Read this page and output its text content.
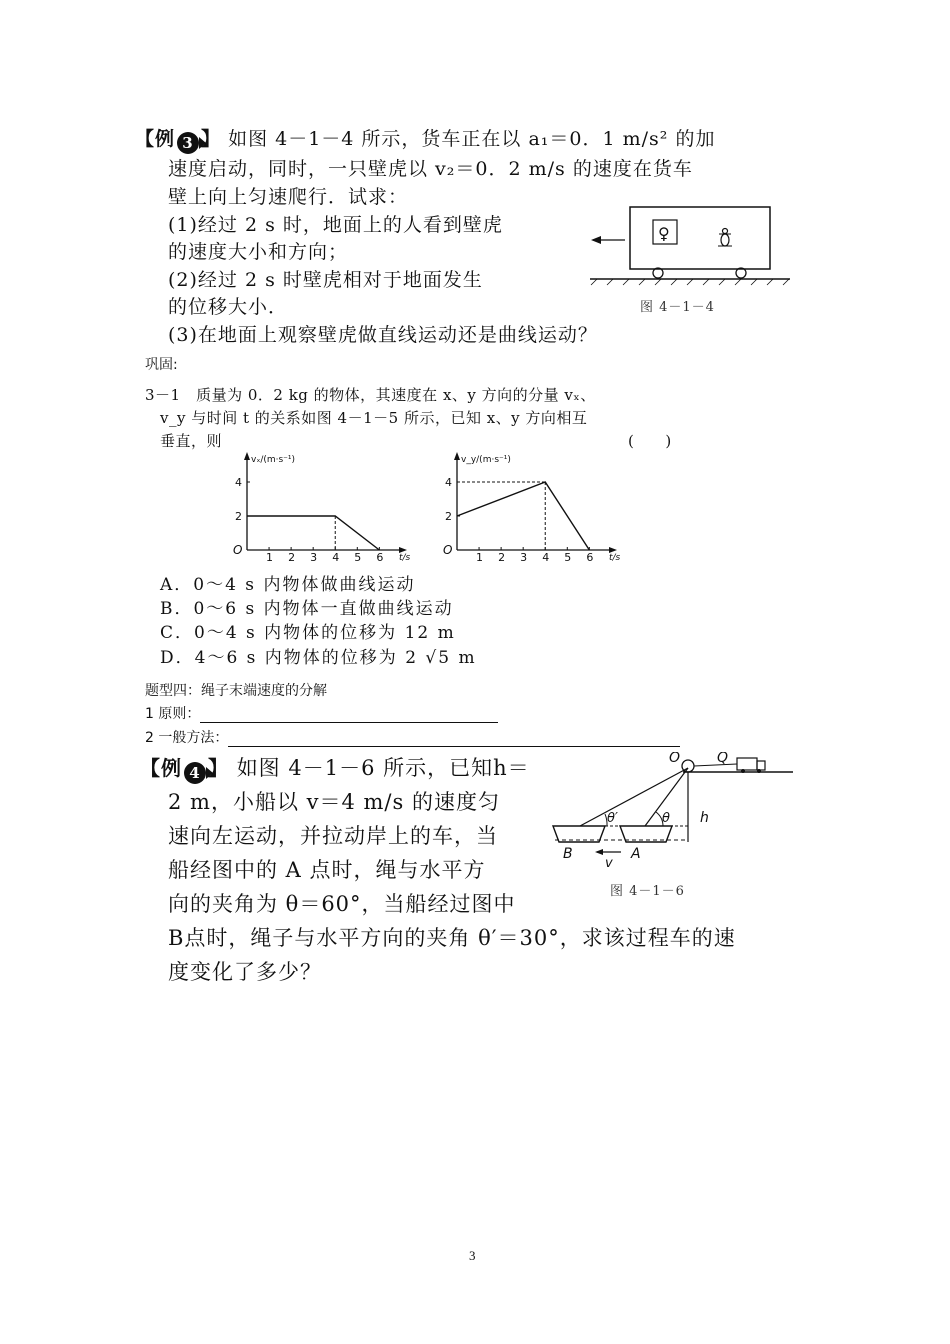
【例 3 】 如图 4－1－4 所示，货车正在以 a₁＝0．1 m/s² 的加
速度启动，同时，一只壁虎以 v₂＝0．2 m/s 的速度在货车
壁上向上匀速爬行．试求：
(1)经过 2 s 时，地面上的人看到壁虎
的速度大小和方向；
(2)经过 2 s 时壁虎相对于地面发生
的位移大小．
(3)在地面上观察壁虎做直线运动还是曲线运动？
♀
图 4－1－4
巩固:
3－1　质量为 0．2 kg 的物体，其速度在 x、y 方向的分量 vₓ、
v_y 与时间 t 的关系如图 4－1－5 所示，已知 x、y 方向相互
垂直，则	(　　)
vₓ/(m·s⁻¹)
t/s
O
1 2 3 4 5 6
2
4
v_y/(m·s⁻¹)
t/s
O
1 2 3 4 5 6
2
4
A．0～4 s 内物体做曲线运动
B．0～6 s 内物体一直做曲线运动
C．0～4 s 内物体的位移为 12 m
D．4～6 s 内物体的位移为 2 √5 m
题型四：绳子末端速度的分解
1 原则：
2 一般方法：
【例 4 】 如图 4－1－6 所示，已知h＝
2 m，小船以 v＝4 m/s 的速度匀
速向左运动，并拉动岸上的车，当
船经图中的 A 点时，绳与水平方
向的夹角为 θ＝60°，当船经过图中
B点时，绳子与水平方向的夹角 θ′＝30°，求该过程车的速
度变化了多少？
O	Q
h
θ′	θ
B	A
v
图 4－1－6
3
